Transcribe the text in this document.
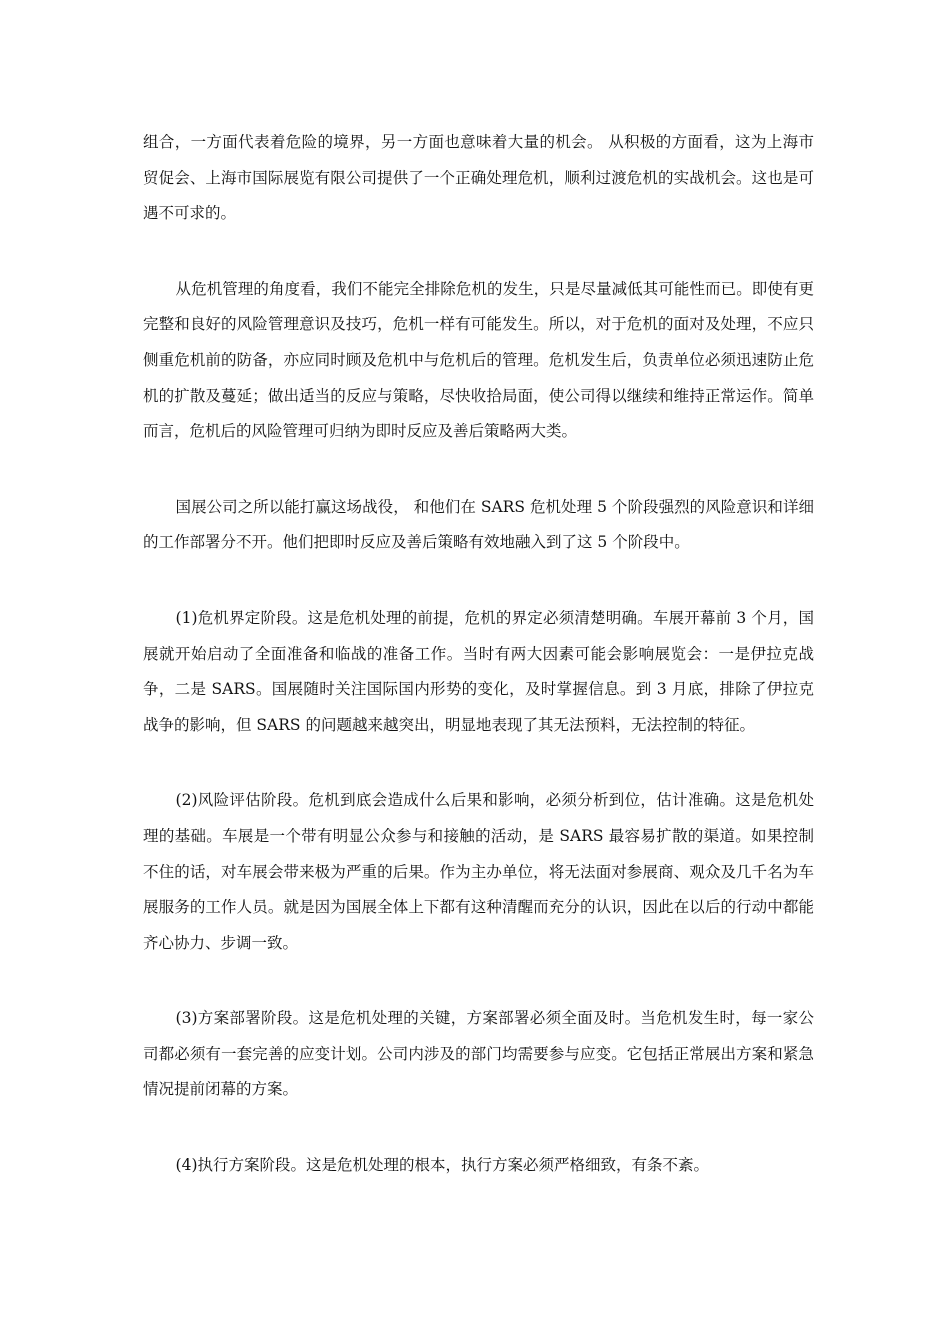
组合，一方面代表着危险的境界，另一方面也意味着大量的机会。 从积极的方面看，这为上海市贸促会、上海市国际展览有限公司提供了一个正确处理危机，顺利过渡危机的实战机会。这也是可遇不可求的。

从危机管理的角度看，我们不能完全排除危机的发生，只是尽量减低其可能性而已。即使有更完整和良好的风险管理意识及技巧，危机一样有可能发生。所以，对于危机的面对及处理，不应只侧重危机前的防备，亦应同时顾及危机中与危机后的管理。危机发生后，负责单位必须迅速防止危机的扩散及蔓延；做出适当的反应与策略，尽快收拾局面，使公司得以继续和维持正常运作。简单而言，危机后的风险管理可归纳为即时反应及善后策略两大类。

国展公司之所以能打赢这场战役， 和他们在 SARS 危机处理 5 个阶段强烈的风险意识和详细的工作部署分不开。他们把即时反应及善后策略有效地融入到了这 5 个阶段中。

(1)危机界定阶段。这是危机处理的前提，危机的界定必须清楚明确。车展开幕前 3 个月，国展就开始启动了全面准备和临战的准备工作。当时有两大因素可能会影响展览会：一是伊拉克战争，二是 SARS。国展随时关注国际国内形势的变化，及时掌握信息。到 3 月底，排除了伊拉克战争的影响，但 SARS 的问题越来越突出，明显地表现了其无法预料，无法控制的特征。

(2)风险评估阶段。危机到底会造成什么后果和影响，必须分析到位，估计准确。这是危机处理的基础。车展是一个带有明显公众参与和接触的活动，是 SARS 最容易扩散的渠道。如果控制不住的话，对车展会带来极为严重的后果。作为主办单位，将无法面对参展商、观众及几千名为车展服务的工作人员。就是因为国展全体上下都有这种清醒而充分的认识，因此在以后的行动中都能齐心协力、步调一致。

(3)方案部署阶段。这是危机处理的关键，方案部署必须全面及时。当危机发生时，每一家公司都必须有一套完善的应变计划。公司内涉及的部门均需要参与应变。它包括正常展出方案和紧急情况提前闭幕的方案。

(4)执行方案阶段。这是危机处理的根本，执行方案必须严格细致，有条不紊。
